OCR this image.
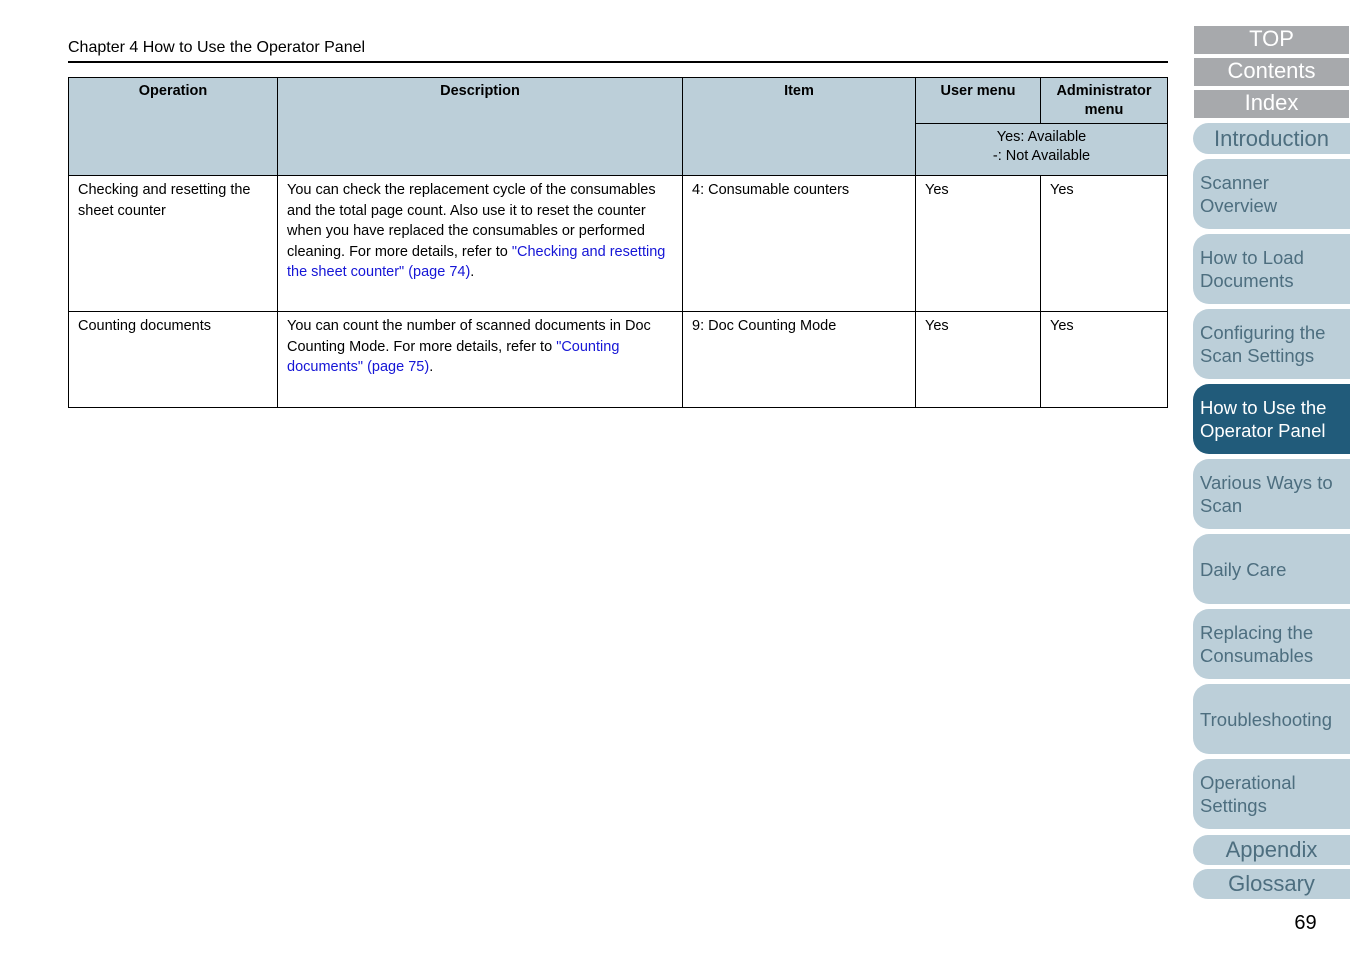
Chapter 4 How to Use the Operator Panel
Operation	Description	Item	User menu	Administrator menu

			Yes: Available
-: Not Available	

Checking and resetting the sheet counter	You can check the replacement cycle of the consumables and the total page count. Also use it to reset the counter when you have replaced the consumables or performed cleaning. For more details, refer to "Checking and resetting the sheet counter" (page 74).	4: Consumable counters	Yes	Yes
Counting documents	You can count the number of scanned documents in Doc Counting Mode. For more details, refer to "Counting documents" (page 75).	9: Doc Counting Mode	Yes	Yes
TOP
Contents
Index
Introduction
Scanner Overview
How to Load Documents
Configuring the Scan Settings
How to Use the Operator Panel
Various Ways to Scan
Daily Care
Replacing the Consumables
Troubleshooting
Operational Settings
Appendix
Glossary
69
